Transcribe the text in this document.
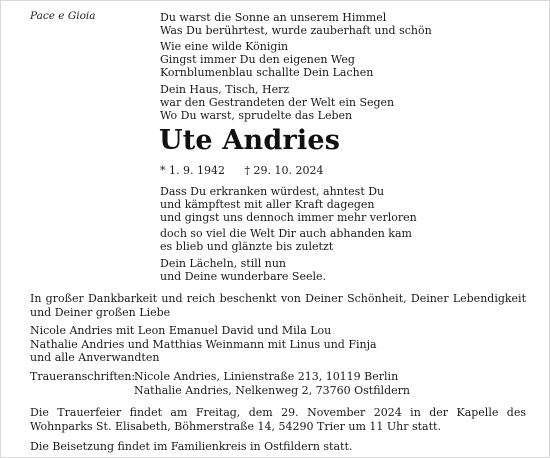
Pace e Gioia	Du warst die Sonne an unserem Himmel
Was Du berührtest, wurde zauberhaft und schön
Wie eine wilde Königin
Gingst immer Du den eigenen Weg
Kornblumenblau schallte Dein Lachen
Dein Haus, Tisch, Herz
war den Gestrandeten der Welt ein Segen
Wo Du warst, sprudelte das Leben
Ute Andries
* 1. 9. 1942 † 29. 10. 2024
Dass Du erkranken würdest, ahntest Du
und kämpftest mit aller Kraft dagegen
und gingst uns dennoch immer mehr verloren
doch so viel die Welt Dir auch abhanden kam
es blieb und glänzte bis zuletzt
Dein Lächeln, still nun
und Deine wunderbare Seele.
In großer Dankbarkeit und reich beschenkt von Deiner Schönheit, Deiner Lebendigkeit und Deiner großen Liebe
Nicole Andries mit Leon Emanuel David und Mila Lou
Nathalie Andries und Matthias Weinmann mit Linus und Finja
und alle Anverwandten
Traueranschriften:
Nicole Andries, Linienstraße 213, 10119 Berlin
Nathalie Andries, Nelkenweg 2, 73760 Ostfildern
Die Trauerfeier findet am Freitag, dem 29. November 2024 in der Kapelle des Wohnparks St. Elisabeth, Böhmerstraße 14, 54290 Trier um 11 Uhr statt.
Die Beisetzung findet im Familienkreis in Ostfildern statt.
